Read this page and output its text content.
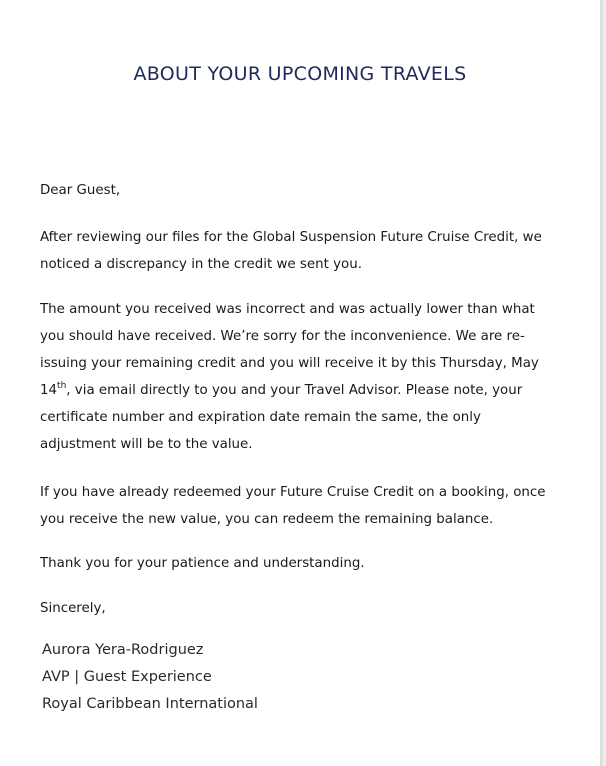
ABOUT YOUR UPCOMING TRAVELS

Dear Guest,

After reviewing our files for the Global Suspension Future Cruise Credit, we noticed a discrepancy in the credit we sent you.

The amount you received was incorrect and was actually lower than what you should have received. We’re sorry for the inconvenience. We are re-issuing your remaining credit and you will receive it by this Thursday, May 14th, via email directly to you and your Travel Advisor. Please note, your certificate number and expiration date remain the same, the only adjustment will be to the value.

If you have already redeemed your Future Cruise Credit on a booking, once you receive the new value, you can redeem the remaining balance.

Thank you for your patience and understanding.

Sincerely,

Aurora Yera-Rodriguez
AVP | Guest Experience
Royal Caribbean International
